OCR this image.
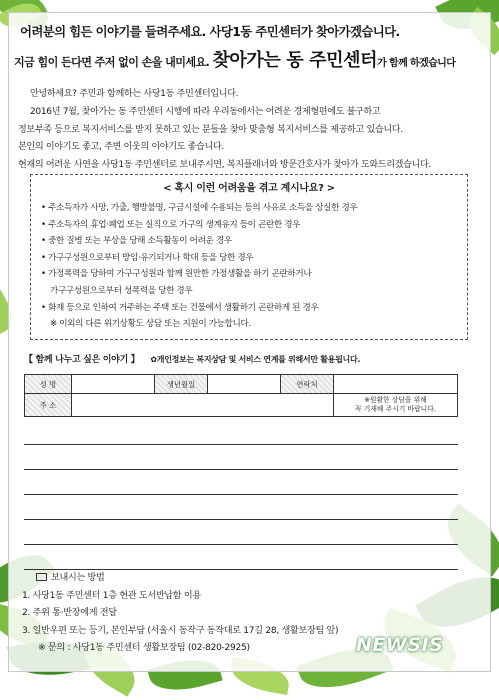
어려분의 힘든 이야기를 들려주세요. 사당1동 주민센터가 찾아가겠습니다.
지금 힘이 든다면 주저 없이 손을 내미세요. 찾아가는 동 주민센터가 함께 하겠습니다

안녕하세요? 주민과 함께하는 사당1동 주민센터입니다.

2016년 7월, 찾아가는 동 주민센터 시행에 따라 우리동에서는 어려운 경제형편에도 불구하고

정보부족 등으로 복지서비스를 받지 못하고 있는 분들을 찾아 맞춤형 복지서비스를 제공하고 있습니다.

본인의 이야기도 좋고, 주변 이웃의 이야기도 좋습니다.

현재의 어려운 사연을 사당1동 주민센터로 보내주시면, 복지플래너와 방문간호사가 찾아가 도와드리겠습니다.

< 혹시 이런 어려움을 겪고 계시나요? >
• 주소득자가 사망, 가출, 행방불명, 구금시설에 수용되는 등의 사유로 소득을 상실한 경우
• 주소득자의 휴업·폐업 또는 실직으로 가구의 생계유지 등이 곤란한 경우
• 중한 질병 또는 부상을 당해 소득활동이 어려운 경우
• 가구구성원으로부터 방임·유기되거나 학대 등을 당한 경우
• 가정폭력을 당하여 가구구성원과 함께 원만한 가정생활을 하기 곤란하거나
가구구성원으로부터 성폭력을 당한 경우
• 화재 등으로 인하여 거주하는 주택 또는 건물에서 생활하기 곤란하게 된 경우
※ 이외의 다른 위기상황도 상담 또는 지원이 가능합니다.
【 함께 나누고 싶은 이야기 】 ✿개인정보는 복지상담 및 서비스 연계를 위해서만 활용됩니다.
성 명		생년월일		연락처	
주 소					※원활한 상담을 위해
꼭 기재해 주시기 바랍니다.
보내시는 방법
1. 사당1동 주민센터 1층 현관 도서반납함 이용
2. 주위 통·반장에게 전달
3. 일반우편 또는 등기, 본인부담 (서울시 동작구 동작대로 17길 28, 생활보장팀 앞)
※ 문의 : 사당1동 주민센터 생활보장팀 (02-820-2925)	NEWSIS
